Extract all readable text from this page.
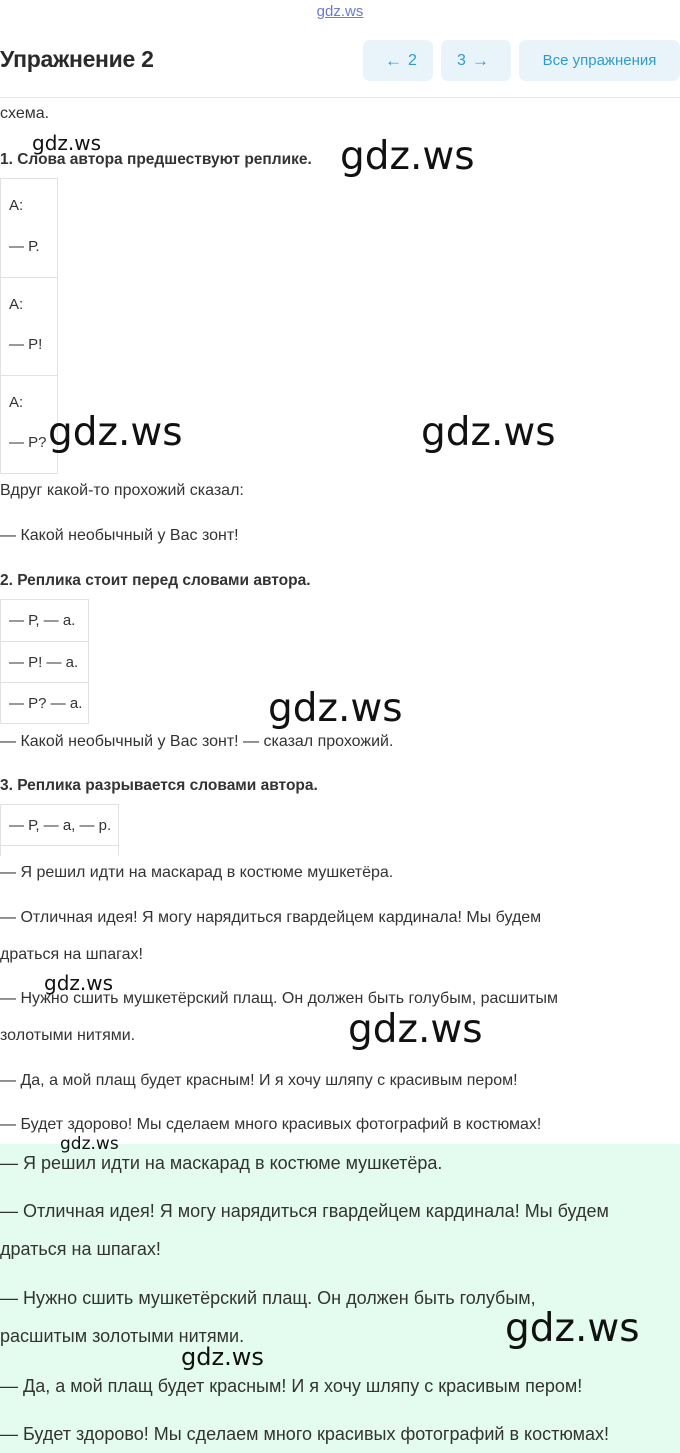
gdz.ws
Упражнение 2	← 2	3 →	Все упражнения
схема.
1. Слова автора предшествуют реплике.
А:
— Р.
А:
— Р!
А:
— Р?
Вдруг какой-то прохожий сказал:
— Какой необычный у Вас зонт!
2. Реплика стоит перед словами автора.
— Р, — а.
— Р! — а.
— Р? — а.
— Какой необычный у Вас зонт! — сказал прохожий.
3. Реплика разрывается словами автора.
— Р, — а, — р.
— Я решил идти на маскарад в костюме мушкетёра.
— Отличная идея! Я могу нарядиться гвардейцем кардинала! Мы будем
драться на шпагах!
— Нужно сшить мушкетёрский плащ. Он должен быть голубым, расшитым
золотыми нитями.
— Да, а мой плащ будет красным! И я хочу шляпу с красивым пером!
— Будет здорово! Мы сделаем много красивых фотографий в костюмах!
— Я решил идти на маскарад в костюме мушкетёра.
— Отличная идея! Я могу нарядиться гвардейцем кардинала! Мы будем
драться на шпагах!
— Нужно сшить мушкетёрский плащ. Он должен быть голубым,
расшитым золотыми нитями.
— Да, а мой плащ будет красным! И я хочу шляпу с красивым пером!
— Будет здорово! Мы сделаем много красивых фотографий в костюмах!
gdz.ws	gdz.ws
gdz.ws	gdz.ws
gdz.ws
gdz.ws
gdz.ws
gdz.ws
gdz.ws
gdz.ws
